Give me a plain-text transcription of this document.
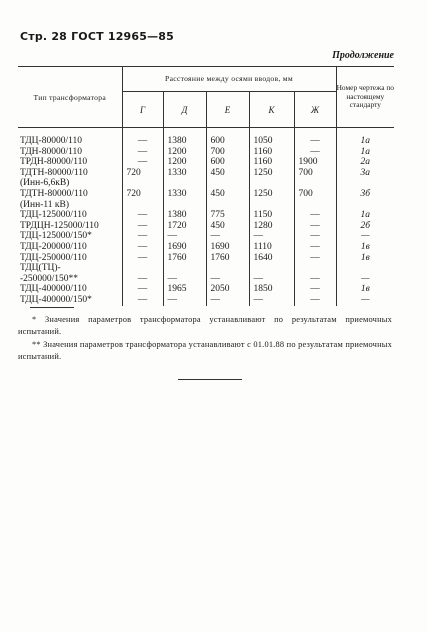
Стр. 28 ГОСТ 12965—85
Продолжение
Тип трансформатора	Расстояние между осями вводов, мм					Номер чертежа по настоящему стандарту
	Г	Д	Е	К	Ж	
ТДЦ-80000/110	—	1380	600	1050	—	1а
ТДН-80000/110	—	1200	700	1160	—	1а
ТРДН-80000/110	—	1200	600	1160	1900	2а
ТДТН-80000/110	720	1330	450	1250	700	3а
(Инн-6,6кВ)						
ТДТН-80000/110	720	1330	450	1250	700	3б
(Инн-11 кВ)						
ТДЦ-125000/110	—	1380	775	1150	—	1а
ТРДЦН-125000/110	—	1720	450	1280	—	2б
ТДЦ-125000/150*	—	—	—	—	—	—
ТДЦ-200000/110	—	1690	1690	1110	—	1в
ТДЦ-250000/110	—	1760	1760	1640	—	1в
ТДЦ(ТЦ)-						
-250000/150**	—	—	—	—	—	—
ТДЦ-400000/110	—	1965	2050	1850	—	1в
ТДЦ-400000/150*	—	—	—	—	—	—
* Значения параметров трансформатора устанавливают по результатам приемочных испытаний.
** Значения параметров трансформатора устанавливают с 01.01.88 по результатам приемочных испытаний.
